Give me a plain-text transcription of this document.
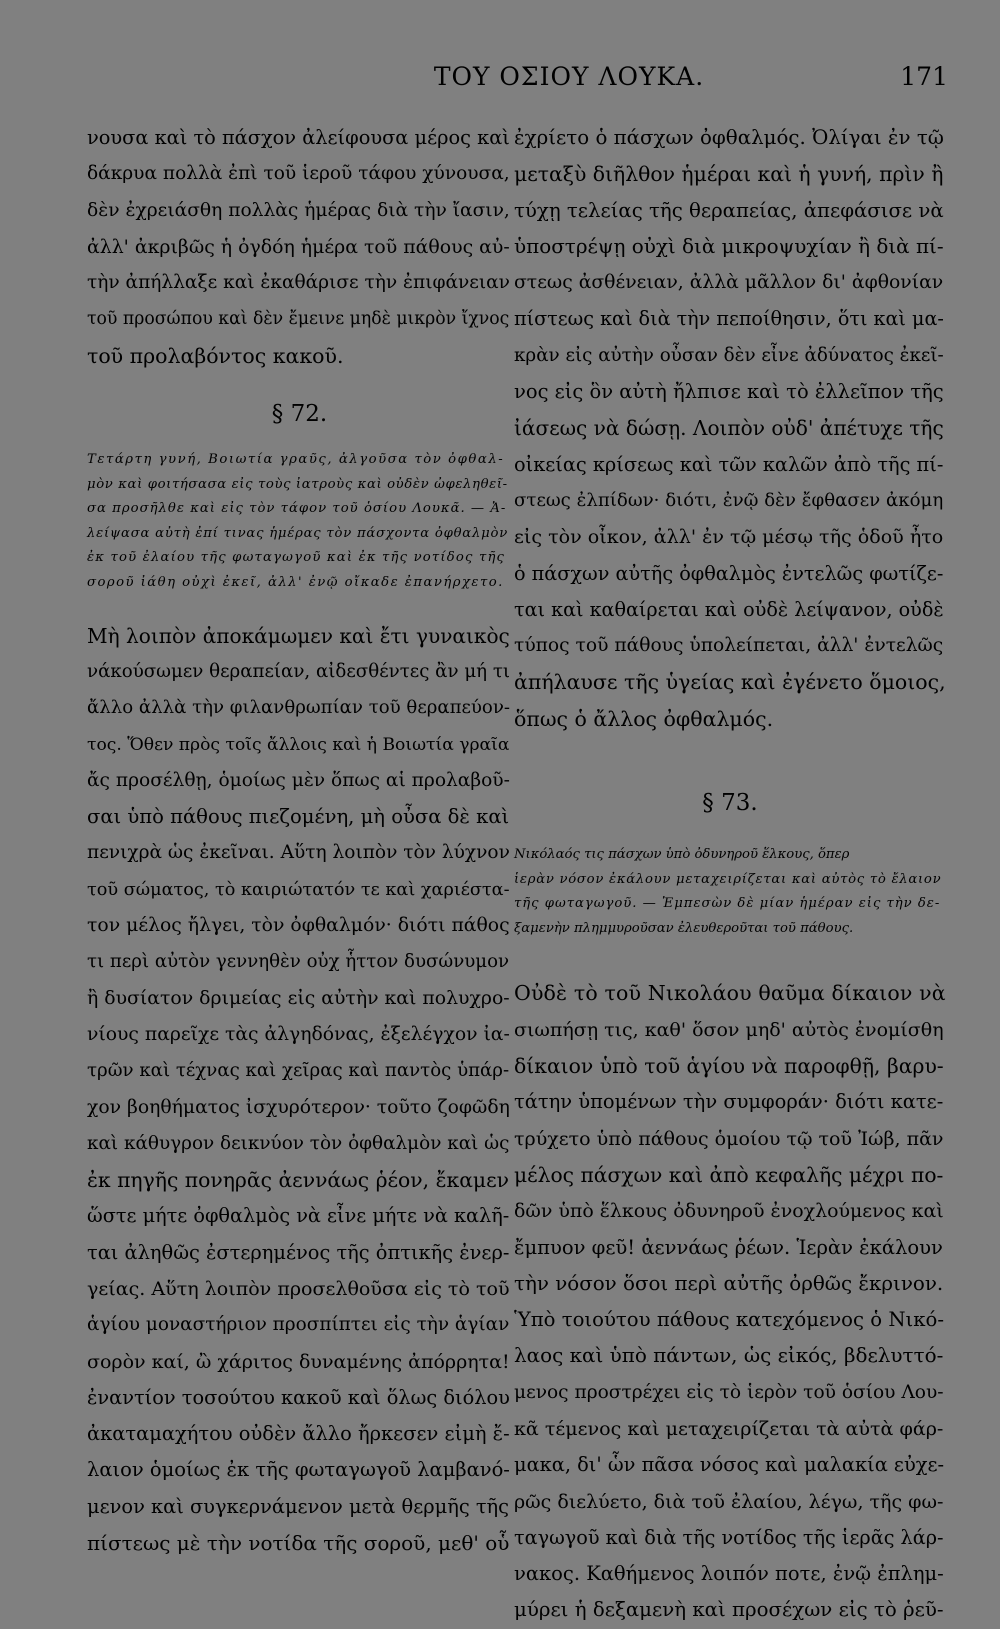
ΤΟΥ ΟΣΙΟΥ ΛΟΥΚΑ.	171
νουσα καὶ τὸ πάσχον ἀλείφουσα μέρος καὶ
δάκρυα πολλὰ ἐπὶ τοῦ ἱεροῦ τάφου χύνουσα,
δὲν ἐχρειάσθη πολλὰς ἡμέρας διὰ τὴν ἴασιν,
ἀλλ' ἀκριβῶς ἡ ὀγδόη ἡμέρα τοῦ πάθους αὐ-
τὴν ἀπήλλαξε καὶ ἐκαθάρισε τὴν ἐπιφάνειαν
τοῦ προσώπου καὶ δὲν ἔμεινε μηδὲ μικρὸν ἴχνος
τοῦ προλαβόντος κακοῦ.
§ 72.
Τετάρτη γυνή, Βοιωτία γραῦς, ἀλγοῦσα τὸν ὀφθαλ-
μὸν καὶ φοιτήσασα εἰς τοὺς ἰατροὺς καὶ οὐδὲν ὠφεληθεῖ-
σα προσῆλθε καὶ εἰς τὸν τάφον τοῦ ὁσίου Λουκᾶ. — Ἀ-
λείψασα αὐτὴ ἐπί τινας ἡμέρας τὸν πάσχοντα ὀφθαλμὸν
ἐκ τοῦ ἐλαίου τῆς φωταγωγοῦ καὶ ἐκ τῆς νοτίδος τῆς
σοροῦ ἰάθη οὐχὶ ἐκεῖ, ἀλλ' ἐνῷ οἴκαδε ἐπανήρχετο.
Μὴ λοιπὸν ἀποκάμωμεν καὶ ἔτι γυναικὸς
νάκούσωμεν θεραπείαν, αἰδεσθέντες ἂν μή τι
ἄλλο ἀλλὰ τὴν φιλανθρωπίαν τοῦ θεραπεύον-
τος. Ὅθεν πρὸς τοῖς ἄλλοις καὶ ἡ Βοιωτία γραῖα
ἄς προσέλθῃ, ὁμοίως μὲν ὅπως αἱ προλαβοῦ-
σαι ὑπὸ πάθους πιεζομένη, μὴ οὖσα δὲ καὶ
πενιχρὰ ὡς ἐκεῖναι. Αὕτη λοιπὸν τὸν λύχνον
τοῦ σώματος, τὸ καιριώτατόν τε καὶ χαριέστα-
τον μέλος ἤλγει, τὸν ὀφθαλμόν· διότι πάθος
τι περὶ αὐτὸν γεννηθὲν οὐχ ἧττον δυσώνυμον
ἢ δυσίατον δριμείας εἰς αὐτὴν καὶ πολυχρο-
νίους παρεῖχε τὰς ἀλγηδόνας, ἐξελέγχον ἰα-
τρῶν καὶ τέχνας καὶ χεῖρας καὶ παντὸς ὑπάρ-
χον βοηθήματος ἰσχυρότερον· τοῦτο ζοφῶδη
καὶ κάθυγρον δεικνύον τὸν ὀφθαλμὸν καὶ ὡς
ἐκ πηγῆς πονηρᾶς ἀεννάως ῥέον, ἔκαμεν
ὥστε μήτε ὀφθαλμὸς νὰ εἶνε μήτε νὰ καλῆ-
ται ἀληθῶς ἐστερημένος τῆς ὀπτικῆς ἐνερ-
γείας. Αὕτη λοιπὸν προσελθοῦσα εἰς τὸ τοῦ
ἁγίου μοναστήριον προσπίπτει εἰς τὴν ἁγίαν
σορὸν καί, ὢ χάριτος δυναμένης ἀπόρρητα!
ἐναντίον τοσούτου κακοῦ καὶ ὅλως διόλου
ἀκαταμαχήτου οὐδὲν ἄλλο ἤρκεσεν εἰμὴ ἔ-
λαιον ὁμοίως ἐκ τῆς φωταγωγοῦ λαμβανό-
μενον καὶ συγκερνάμενον μετὰ θερμῆς τῆς
πίστεως μὲ τὴν νοτίδα τῆς σοροῦ, μεθ' οὗ
ἐχρίετο ὁ πάσχων ὀφθαλμός. Ὀλίγαι ἐν τῷ
μεταξὺ διῆλθον ἡμέραι καὶ ἡ γυνή, πρὶν ἢ
τύχῃ τελείας τῆς θεραπείας, ἀπεφάσισε νὰ
ὑποστρέψῃ οὐχὶ διὰ μικροψυχίαν ἢ διὰ πί-
στεως ἀσθένειαν, ἀλλὰ μᾶλλον δι' ἀφθονίαν
πίστεως καὶ διὰ τὴν πεποίθησιν, ὅτι καὶ μα-
κρὰν εἰς αὐτὴν οὖσαν δὲν εἶνε ἀδύνατος ἐκεῖ-
νος εἰς ὃν αὐτὴ ἤλπισε καὶ τὸ ἐλλεῖπον τῆς
ἰάσεως νὰ δώσῃ. Λοιπὸν οὐδ' ἀπέτυχε τῆς
οἰκείας κρίσεως καὶ τῶν καλῶν ἀπὸ τῆς πί-
στεως ἐλπίδων· διότι, ἐνῷ δὲν ἔφθασεν ἀκόμη
εἰς τὸν οἶκον, ἀλλ' ἐν τῷ μέσῳ τῆς ὁδοῦ ἦτο
ὁ πάσχων αὐτῆς ὀφθαλμὸς ἐντελῶς φωτίζε-
ται καὶ καθαίρεται καὶ οὐδὲ λείψανον, οὐδὲ
τύπος τοῦ πάθους ὑπολείπεται, ἀλλ' ἐντελῶς
ἀπήλαυσε τῆς ὑγείας καὶ ἐγένετο ὅμοιος,
ὅπως ὁ ἄλλος ὀφθαλμός.
§ 73.
Νικόλαός τις πάσχων ὑπὸ ὀδυνηροῦ ἕλκους, ὅπερ
ἱερὰν νόσον ἐκάλουν μεταχειρίζεται καὶ αὐτὸς τὸ ἔλαιον
τῆς φωταγωγοῦ. — Ἐμπεσὼν δὲ μίαν ἡμέραν εἰς τὴν δε-
ξαμενὴν πλημμυροῦσαν ἐλευθεροῦται τοῦ πάθους.
Οὐδὲ τὸ τοῦ Νικολάου θαῦμα δίκαιον νὰ
σιωπήσῃ τις, καθ' ὅσον μηδ' αὐτὸς ἐνομίσθη
δίκαιον ὑπὸ τοῦ ἁγίου νὰ παροφθῇ, βαρυ-
τάτην ὑπομένων τὴν συμφοράν· διότι κατε-
τρύχετο ὑπὸ πάθους ὁμοίου τῷ τοῦ Ἰώβ, πᾶν
μέλος πάσχων καὶ ἀπὸ κεφαλῆς μέχρι πο-
δῶν ὑπὸ ἕλκους ὀδυνηροῦ ἐνοχλούμενος καὶ
ἔμπυον φεῦ! ἀεννάως ῥέων. Ἱερὰν ἐκάλουν
τὴν νόσον ὅσοι περὶ αὐτῆς ὀρθῶς ἔκρινον.
Ὑπὸ τοιούτου πάθους κατεχόμενος ὁ Νικό-
λαος καὶ ὑπὸ πάντων, ὡς εἰκός, βδελυττό-
μενος προστρέχει εἰς τὸ ἱερὸν τοῦ ὁσίου Λου-
κᾶ τέμενος καὶ μεταχειρίζεται τὰ αὐτὰ φάρ-
μακα, δι' ὧν πᾶσα νόσος καὶ μαλακία εὐχε-
ρῶς διελύετο, διὰ τοῦ ἐλαίου, λέγω, τῆς φω-
ταγωγοῦ καὶ διὰ τῆς νοτίδος τῆς ἱερᾶς λάρ-
νακος. Καθήμενος λοιπόν ποτε, ἐνῷ ἐπλημ-
μύρει ἡ δεξαμενὴ καὶ προσέχων εἰς τὸ ῥεῦ-
